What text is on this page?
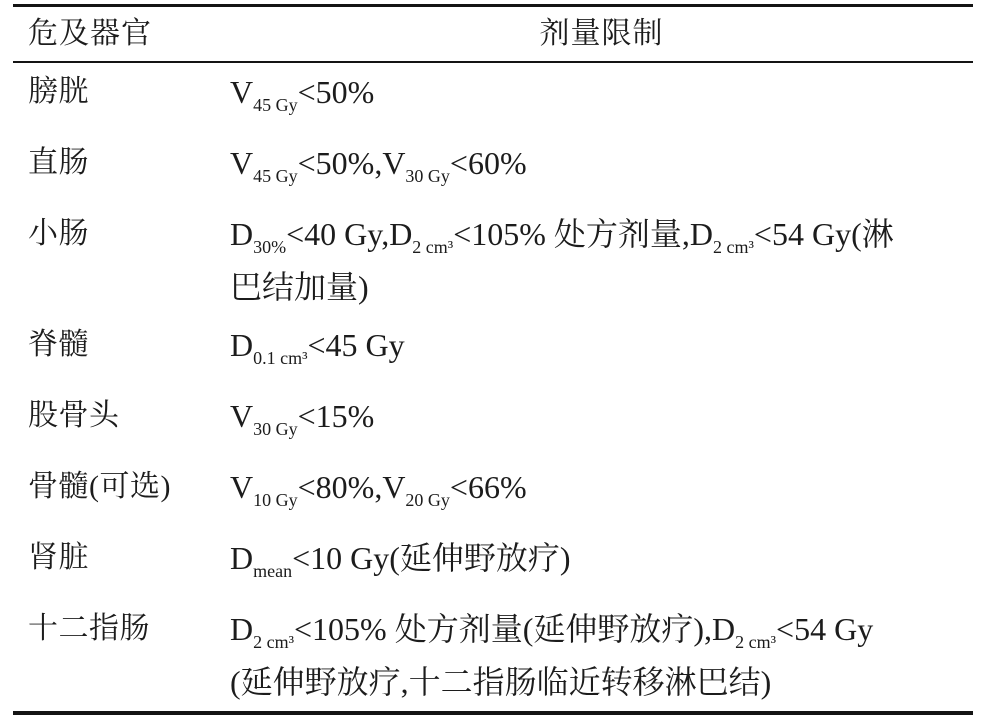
危及器官	剂量限制
膀胱	$V_{45 Gy}<50\%$
直肠	$V_{45 Gy}<50\%,V_{30 Gy}<60\%$
小肠	$D_{30\%}<40$ $Gy,D_{2 cm^3}<105\%$ 处方剂量$,D_{2 cm^3}<54$ Gy(淋
巴结加量)
脊髓	$D_{0.1 cm^3}<45$ Gy
股骨头	$V_{30 Gy}<15\%$
骨髓(可选)	$V_{10 Gy}<80\%,V_{20 Gy}<66\%$
肾脏	$D_{mean}<10$ Gy(延伸野放疗)
十二指肠	$D_{2 cm^3}<105\%$ 处方剂量(延伸野放疗)$,D_{2 cm^3}<54$ Gy
(延伸野放疗,十二指肠临近转移淋巴结)
